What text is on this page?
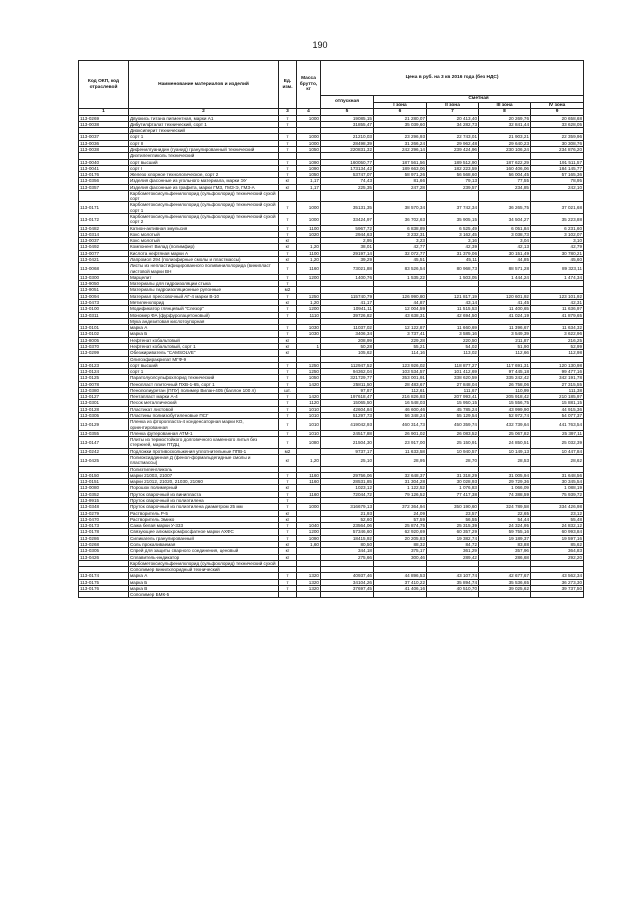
190
Код ОКП, код отраслевой	Наименование материалов и изделий	Ед. изм.	Масса брутто, кг	Цена в руб. на 3 кв 2016 года (без НДС)				
				отпускная	Сметная			
					I зона	II зона	III зона	IV зона
1	2	3	4	5	6	7	8	9
113-0269	Двуокись титана пигментная, марки А1	т	1000	19085,15	21 280,07	20 413,40	20 269,76	20 658,68
113-0038	Дибутилфталат технический, сорт 1	т		31855,47	35 039,60	34 282,73	32 841,44	33 628,05
	Диоксиперит технический							
113-0037	сорт 1	т	1000	21210,03	23 296,93	22 743,01	21 903,21	22 359,96
113-0036	сорт II	т	1000	28498,39	31 266,24	29 962,48	29 640,23	30 308,76
113-0038	Дифенилгуанидин (гуанид) гранулированный технический	т	1050	220831,32	242 296,14	239 424,96	230 106,24	234 876,20
	Диэтиленгликоль технический							
113-0040	сорт высший	т	1090	160050,77	187 561,56	189 512,90	187 622,29	191 511,57
113-0041	сорт I	т	1090	173134,42	189 663,06	182 223,59	160 406,06	184 145,77
113-0176	Железо хлорное технологическое, сорт 2	т	1050	53747,07	58 971,26	56 568,60	56 004,45	57 165,36
113-0356	Изделия фасонные из угольного материала, марки ЭУ	кг	1,17	74,43	81,66	79,13	77,55	78,95
113-0357	Изделия фасонные из графита, марки ГМЗ, ГМЗ-Э, ГМЗ-А	кг	1,17	225,35	247,28	239,57	234,85	242,10
	Карбометоксисульфенилхлорид (сульфохлорид) технический сухой сорт							
113-0171	Карбометоксисульфенилхлорид (сульфохлорид) технический сухой сорт 1	т	1000	35131,35	38 570,34	37 742,34	36 265,75	37 021,68
113-0172	Карбометоксисульфенилхлорид (сульфохлорид) технический сухой сорт 2	т	1000	33424,97	36 702,63	35 905,15	34 504,27	35 223,88
113-0482	Катион-активная эмульсия	т	1100	5967,72	6 838,89	6 525,49	6 051,84	6 231,60
113-0314	Кокс молотый	т	1020	2944,63	3 232,31	3 162,45	3 038,73	3 102,07
113-0037	Кокс молотый	кг		2,95	3,23	3,16	3,04	3,10
113-0492	Компонент Вилад (полимфир)	кг	1,20	38,01	42,77	42,39	42,13	42,79
113-0077	Кислота нефтяная марки А	т	1100	29197,14	32 072,77	31 379,06	30 151,49	30 780,21
113-0421	Лапромол 294 (полиэфирные смолы и пластмассы)	кг	1,20	39,29	45,51	45,11	44,85	45,60
113-0068	Листы из непластифицированного поливинилхлорида (винипласт листовой марки ВН	т	1160	73021,88	83 526,54	80 968,73	88 571,28	89 323,11
113-0300	Марцелит	т	1200	1400,76	1 535,22	1 503,05	1 444,24	1 474,34
113-9050	Материалы для гидроизоляции стыка	т						
113-9051	Материалы гидроизоляционные рулонные	м2						
113-0094	Материал прессовочный АГ-4 марки В-10	т	1250	115740,79	126 990,80	121 817,19	120 601,92	123 101,92
113-0473	Метиленхлорид	кг	1,20	41,17	44,87	43,14	41,45	42,31
113-0100	Модификатор глянцевый "Слезор"	т	1200	10941,11	12 004,59	11 515,53	11 400,65	11 636,97
113-0311	Мономер ФА (фурфуролацетоновый)	т	1110	39726,82	43 638,31	42 694,50	41 024,19	41 879,65
	Мука андезитовая кислотоупорная							
113-0101	марка А	т	1030	11037,02	12 122,87	11 660,69	11 396,67	11 634,32
113-0102	марка Б	т	1030	3406,34	3 737,41	3 585,16	3 549,39	3 622,96
113-8005	Нефтенат кобальтовый	кг		208,99	229,28	220,50	211,87	216,25
113-0370	Нефтенат кобальтовый, сорт 1	кг	1	50,28	55,21	54,02	51,90	52,99
113-0299	Обезжириватель "CAMSOLVE"	кг		105,62	114,16	113,02	112,66	112,98
	Олигоэфиракрилат МГФ-9							
113-0123	сорт высший	т	1250	112947,52	123 926,02	118 877,27	117 691,31	120 130,98
113-0124	сорт 1	т	1250	94362,04	103 534,57	101 412,69	97 445,18	99 477,16
113-0125	Паратолуолсульфохлорид технический	т	1050	321729,77	353 001,91	338 620,59	335 242,42	342 191,78
113-0078	Пенопласт плиточный ПХВ-1-65, сорт 1	т	1420	25811,50	28 483,67	27 848,04	26 758,06	27 315,55
113-0380	Пенополиуретан (ППУ) полимер Вилан-405 (баллон 100 л)	шт.		97,87	112,61	111,67	110,99	111,38
113-0127	Пентапласт марки А-4	т	1420	197618,47	216 826,93	207 993,41	205 918,42	210 185,97
113-0301	Песок металлический	т	1120	15065,50	16 548,03	15 950,15	15 556,75	15 881,15
113-0128	Пластикат листовой	т	1010	42604,84	46 600,46	45 785,24	43 999,90	44 915,36
113-0305	Пластины полиизобутиленовые ПСГ	т	1010	51297,73	56 348,24	55 129,54	52 972,74	54 077,37
113-0129	Пленка из фторопласта-4 конденсаторная марки КО, ориентированная	т	1010	419042,93	460 314,73	450 359,74	432 739,64	441 763,54
113-0355	Пленка футерованная АТМ-1	т	1010	24517,88	26 901,02	26 083,52	25 067,82	25 397,11
113-0147	Плиты из термостойкого долговечного каменного литья без стержней, марки ПТДЦ	т	1080	21504,30	23 917,00	25 150,91	24 850,51	25 032,39
113-0242	Подложки противоскольжения уплотнительные ППВ-1	м2		9737,17	11 633,58	10 940,57	10 149,13	10 447,84
113-0425	Полиоксиддинная Д (фенол-формальдегидные смолы и пластмассы)	кг	1,20	25,10	28,95	28,70	28,53	28,62
	Полиэтиленгликоль							
113-0150	марки 21003, 21007	т	1160	29756,06	32 648,37	31 318,29	31 005,94	31 648,56
113-0151	марки 21012, 21020, 21030, 21060	т	1160	28531,85	31 304,28	30 028,93	29 729,36	30 345,54
113-0080	Порошок полимерный	кг		1023,12	1 122,52	1 076,83	1 066,09	1 088,19
113-0352	Пруток сварочный из винипласта	т	1160	72044,72	79 126,52	77 417,38	74 388,59	75 939,72
113-9915	Пруток сварочный из полиэтилена	т						
113-0348	Пруток сварочный из полиэтилена диаметром 25 мм	т	1000	316679,13	372 364,94	350 190,60	324 789,58	334 426,98
113-0279	Растворитель P-5	кг		21,93	24,09	23,57	22,65	23,12
113-0470	Растворитель Эмико	кг		52,60	57,59	56,55	54,44	55,48
113-0173	Сажа белая марки У-333	т	1040	23564,06	25 874,75	25 315,39	24 324,95	24 832,12
113-0178	Связующее алюмохромфосфатное марки АХФС	т	1200	57346,60	62 920,69	60 357,29	59 755,16	60 993,84
113-0286	Силикагель гранулированный	т	1090	18415,92	20 205,83	19 382,74	19 189,37	19 597,16
113-0268	Соль прокаливаемая	кг	1,60	80,50	88,32	84,72	83,88	85,62
113-0305	Спрей для защиты сварного соединения, ценовый	кг		344,18	375,17	361,29	357,96	364,83
113-0426	Сплавитель-индикатор	кг		275,66	300,46	289,42	286,68	292,20
	Карбометоксисульфенилхлорид (сульфохлорид) технический сухой							
	Сополимер винилхлоридный технический							
113-0174	марка А	т	1320	40937,46	44 896,53	43 107,74	42 677,67	43 562,34
113-0175	марка Б	т	1320	34104,26	37 410,22	35 894,74	35 536,65	36 273,30
113-0176	марка В	т	1320	37697,45	41 406,16	40 510,70	39 025,62	39 737,50
	Сополимер БМК-5							
